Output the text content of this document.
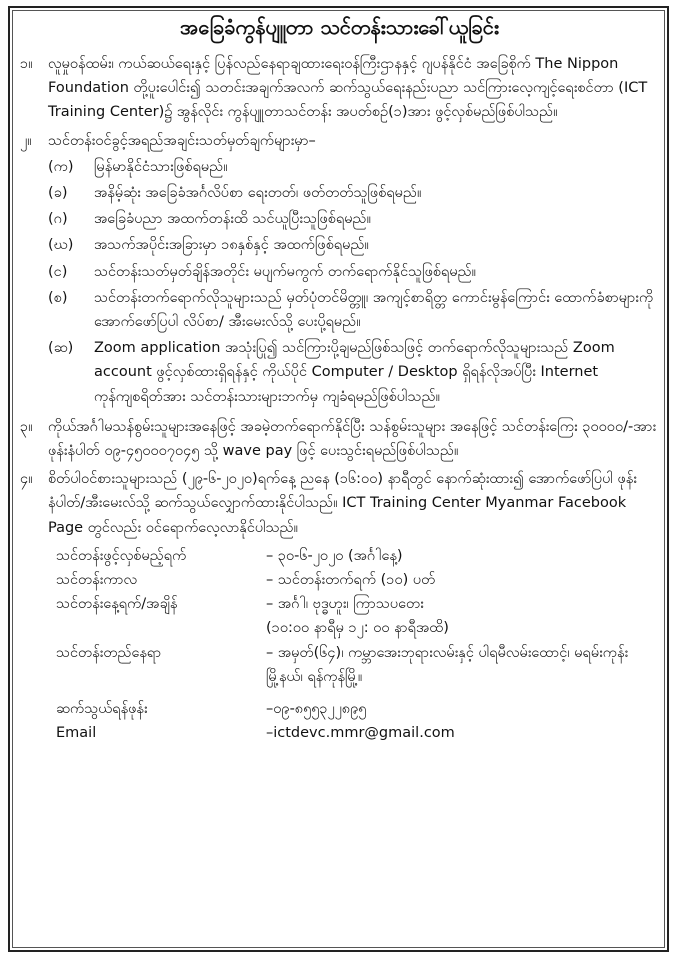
အခြေခံကွန်ပျူတာ သင်တန်းသားခေါ်ယူခြင်း
၁။	လူမှုဝန်ထမ်း၊ ကယ်ဆယ်ရေးနှင့် ပြန်လည်နေရာချထားရေးဝန်ကြီးဌာနနှင့် ဂျပန်နိုင်ငံ အခြေစိုက် The Nippon Foundation တို့ပူးပေါင်း၍ သတင်းအချက်အလက် ဆက်သွယ်ရေးနည်းပညာ သင်ကြားလေ့ကျင့်ရေးစင်တာ (ICT Training Center)၌ အွန်လိုင်း ကွန်ပျူတာသင်တန်း အပတ်စဉ်(၁)အား ဖွင့်လှစ်မည်ဖြစ်ပါသည်။
၂။	သင်တန်းဝင်ခွင့်အရည်အချင်းသတ်မှတ်ချက်များမှာ–
(က)	မြန်မာနိုင်ငံသားဖြစ်ရမည်။
(ခ)	အနိမ့်ဆုံး အခြေခံအင်္ဂလိပ်စာ ရေးတတ်၊ ဖတ်တတ်သူဖြစ်ရမည်။
(ဂ)	အခြေခံပညာ အထက်တန်းထိ သင်ယူပြီးသူဖြစ်ရမည်။
(ဃ)	အသက်အပိုင်းအခြားမှာ ၁၈နှစ်နှင့် အထက်ဖြစ်ရမည်။
(င)	သင်တန်းသတ်မှတ်ချိန်အတိုင်း မပျက်မကွက် တက်ရောက်နိုင်သူဖြစ်ရမည်။
(စ)	သင်တန်းတက်ရောက်လိုသူများသည် မှတ်ပုံတင်မိတ္တူ၊ အကျင့်စာရိတ္တ ကောင်းမွန်ကြောင်း ထောက်ခံစာများကို အောက်ဖော်ပြပါ လိပ်စာ/ အီးမေးလ်သို့ ပေးပို့ရမည်။
(ဆ)	Zoom application အသုံးပြု၍ သင်ကြားပို့ချမည်ဖြစ်သဖြင့် တက်ရောက်လိုသူများသည် Zoom account ဖွင့်လှစ်ထားရှိရန်နှင့် ကိုယ်ပိုင် Computer / Desktop ရှိရန်လိုအပ်ပြီး Internet ကုန်ကျစရိတ်အား သင်တန်းသားများဘက်မှ ကျခံရမည်ဖြစ်ပါသည်။
၃။	ကိုယ်အင်္ဂါမသန်စွမ်းသူများအနေဖြင့် အခမဲ့တက်ရောက်နိုင်ပြီး သန်စွမ်းသူများ အနေဖြင့် သင်တန်းကြေး ၃၀၀၀၀/-အား ဖုန်းနံပါတ် ၀၉-၄၅၀၀၀၇၀၄၅ သို့ wave pay ဖြင့် ပေးသွင်းရမည်ဖြစ်ပါသည်။
၄။	စိတ်ပါဝင်စားသူများသည် (၂၉-၆-၂၀၂၀)ရက်နေ့ ညနေ (၁၆:၀၀) နာရီတွင် နောက်ဆုံးထား၍ အောက်ဖော်ပြပါ ဖုန်းနံပါတ်/အီးမေးလ်သို့ ဆက်သွယ်လျှောက်ထားနိုင်ပါသည်။ ICT Training Center Myanmar Facebook Page တွင်လည်း ဝင်ရောက်လေ့လာနိုင်ပါသည်။
သင်တန်းဖွင့်လှစ်မည့်ရက်	– ၃၀-၆-၂၀၂၀ (အင်္ဂါနေ့)
သင်တန်းကာလ	– သင်တန်းတက်ရက် (၁၀) ပတ်
သင်တန်းနေ့ရက်/အချိန်	– အင်္ဂါ၊ ဗုဒ္ဓဟူး၊ ကြာသပတေး
(၁၀:၀၀ နာရီမှ ၁၂: ၀၀ နာရီအထိ)
သင်တန်းတည်နေရာ	– အမှတ်(၆၄)၊ ကမ္ဘာအေးဘုရားလမ်းနှင့် ပါရမီလမ်းထောင့်၊ မရမ်းကုန်းမြို့နယ်၊ ရန်ကုန်မြို့။
ဆက်သွယ်ရန်ဖုန်း	–၀၉-၈၅၅၃၂၂၈၉၅
Email	–ictdevc.mmr@gmail.com
